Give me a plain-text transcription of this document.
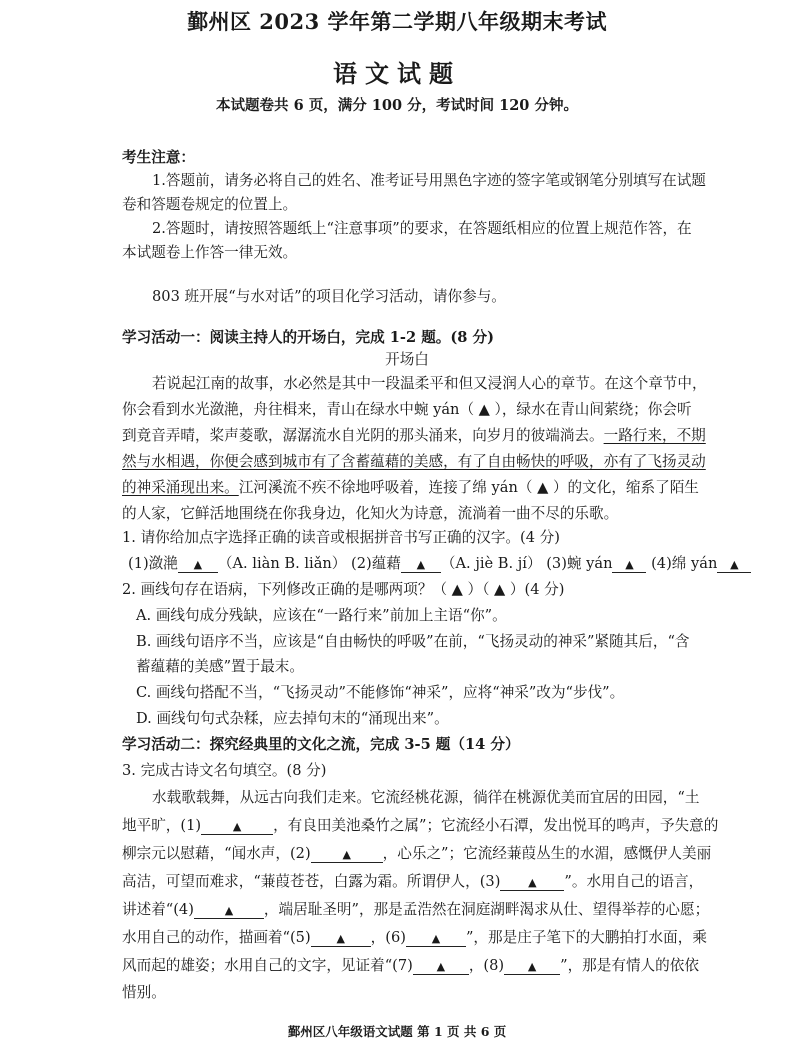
鄞州区 2023 学年第二学期八年级期末考试
语文试题
本试题卷共 6 页，满分 100 分，考试时间 120 分钟。
考生注意：
1.答题前，请务必将自己的姓名、准考证号用黑色字迹的签字笔或钢笔分别填写在试题
卷和答题卷规定的位置上。
2.答题时，请按照答题纸上“注意事项”的要求，在答题纸相应的位置上规范作答，在
本试题卷上作答一律无效。
803 班开展“与水对话”的项目化学习活动，请你参与。
学习活动一：阅读主持人的开场白，完成 1-2 题。(8 分)
开场白
若说起江南的故事，水必然是其中一段温柔平和但又浸润人心的章节。在这个章节中，
你会看到水光潋滟，舟往楫来，青山在绿水中蜿 yán（ ▲ ），绿水在青山间萦绕；你会听
到竟音弄晴，桨声菱歌，潺潺流水自光阴的那头涌来，向岁月的彼端淌去。一路行来，不期
然与水相遇，你便会感到城市有了含蓄蕴藉的美感，有了自由畅快的呼吸，亦有了飞扬灵动
的神采涌现出来。江河溪流不疾不徐地呼吸着，连接了绵 yán（ ▲ ）的文化，缩系了陌生
的人家，它鲜活地围绕在你我身边，化知火为诗意，流淌着一曲不尽的乐歌。
1. 请你给加点字选择正确的读音或根据拼音书写正确的汉字。(4 分)
(1)潋滟 ▲ （A. liàn B. liǎn） (2)蕴藉 ▲ （A. jiè B. jí） (3)蜿 yán ▲ (4)绵 yán ▲
2. 画线句存在语病，下列修改正确的是哪两项？（ ▲ ）（ ▲ ）(4 分)
A. 画线句成分残缺，应该在“一路行来”前加上主语“你”。
B. 画线句语序不当，应该是“自由畅快的呼吸”在前，“飞扬灵动的神采”紧随其后，“含
蓄蕴藉的美感”置于最末。
C. 画线句搭配不当，“飞扬灵动”不能修饰“神采”，应将“神采”改为“步伐”。
D. 画线句句式杂糅，应去掉句末的“涌现出来”。
学习活动二：探究经典里的文化之流，完成 3-5 题（14 分）
3. 完成古诗文名句填空。(8 分)
水载歌载舞，从远古向我们走来。它流经桃花源，徜徉在桃源优美而宜居的田园，“土
地平旷，(1)	▲ ，有良田美池桑竹之属”；它流经小石潭，发出悦耳的鸣声，予失意的
柳宗元以慰藉，“闻水声，(2)	▲ ，心乐之”；它流经蒹葭丛生的水湄，感慨伊人美丽
高洁，可望而难求，“蒹葭苍苍，白露为霜。所谓伊人，(3)	▲ ”。水用自己的语言，
讲述着“(4)	▲ ，端居耻圣明”，那是孟浩然在洞庭湖畔渴求从仕、望得举荐的心愿；
水用自己的动作，描画着“(5) ▲ ，(6) ▲ ”，那是庄子笔下的大鹏拍打水面，乘
风而起的雄姿；水用自己的文字，见证着“(7) ▲ ，(8) ▲ ”，那是有情人的依依
惜别。
鄞州区八年级语文试题 第 1 页 共 6 页
